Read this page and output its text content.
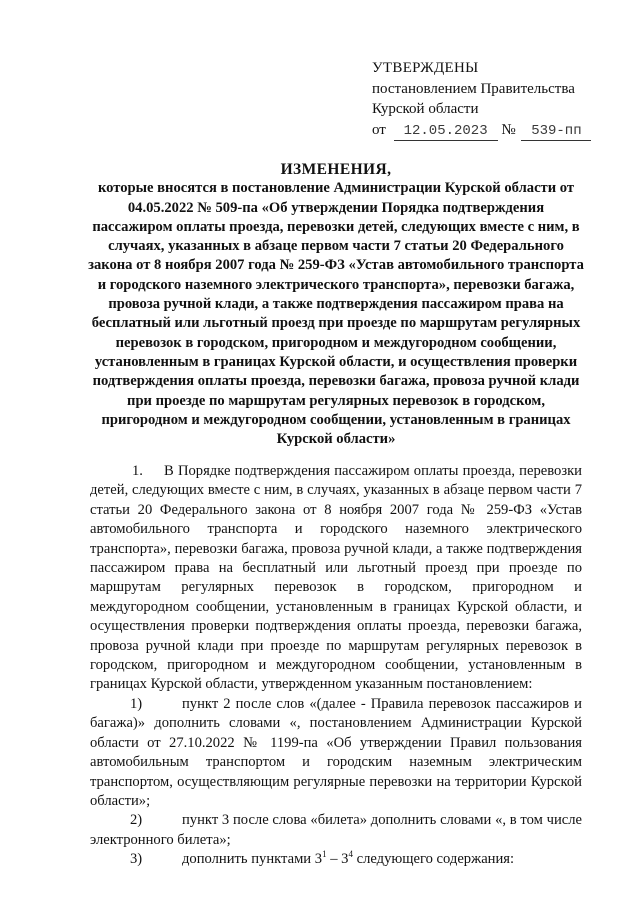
УТВЕРЖДЕНЫ
постановлением Правительства
Курской области
от 12.05.2023 № 539-пп
ИЗМЕНЕНИЯ,
которые вносятся в постановление Администрации Курской области от 04.05.2022 № 509-па «Об утверждении Порядка подтверждения пассажиром оплаты проезда, перевозки детей, следующих вместе с ним, в случаях, указанных в абзаце первом части 7 статьи 20 Федерального закона от 8 ноября 2007 года № 259-ФЗ «Устав автомобильного транспорта и городского наземного электрического транспорта», перевозки багажа, провоза ручной клади, а также подтверждения пассажиром права на бесплатный или льготный проезд при проезде по маршрутам регулярных перевозок в городском, пригородном и междугородном сообщении, установленным в границах Курской области, и осуществления проверки подтверждения оплаты проезда, перевозки багажа, провоза ручной клади при проезде по маршрутам регулярных перевозок в городском, пригородном и междугородном сообщении, установленным в границах Курской области»

1.     В Порядке подтверждения пассажиром оплаты проезда, перевозки детей, следующих вместе с ним, в случаях, указанных в абзаце первом части 7 статьи 20 Федерального закона от 8 ноября 2007 года № 259-ФЗ «Устав автомобильного транспорта и городского наземного электрического транспорта», перевозки багажа, провоза ручной клади, а также подтверждения пассажиром права на бесплатный или льготный проезд при проезде по маршрутам регулярных перевозок в городском, пригородном и междугородном сообщении, установленным в границах Курской области, и осуществления проверки подтверждения оплаты проезда, перевозки багажа, провоза ручной клади при проезде по маршрутам регулярных перевозок в городском, пригородном и междугородном сообщении, установленным в границах Курской области, утвержденном указанным постановлением:

1)	пункт 2 после слов «(далее - Правила перевозок пассажиров и багажа)» дополнить словами «, постановлением Администрации Курской области от 27.10.2022 № 1199-па «Об утверждении Правил пользования автомобильным транспортом и городским наземным электрическим транспортом, осуществляющим регулярные перевозки на территории Курской области»;

2)	пункт 3 после слова «билета» дополнить словами «, в том числе электронного билета»;

3)	дополнить пунктами $3^1 - 3^4$ следующего содержания:
